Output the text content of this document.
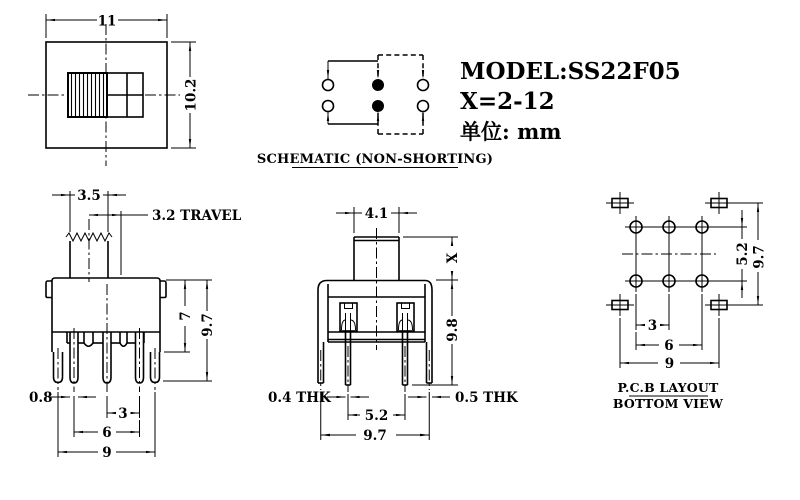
11
10.2
SCHEMATIC (NON-SHORTING)
MODEL:SS22F05
X=2-12
单位: mm
3.5
3.2 TRAVEL
0.8
3
6
9
7 9.7
4.1
X
9.8
0.4 THK	0.5 THK
5.2
9.7
5.2 9.7
3
6
9
P.C.B LAYOUT
BOTTOM VIEW
